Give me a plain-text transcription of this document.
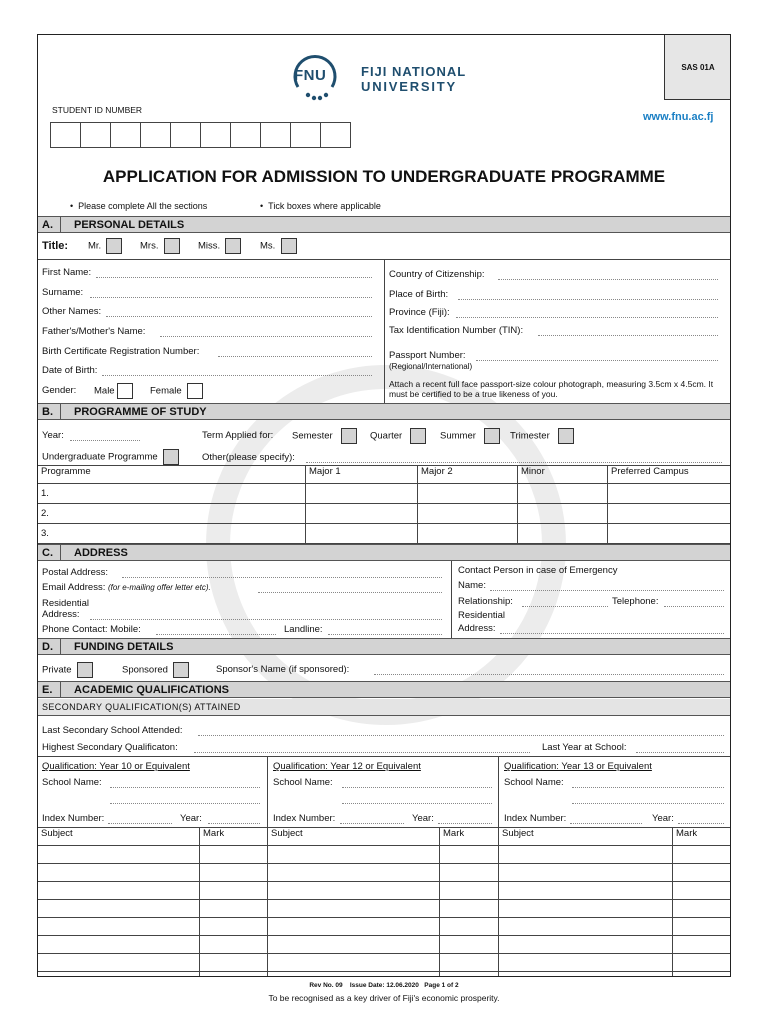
FNU	FIJI NATIONAL
UNIVERSITY
SAS 01A
www.fnu.ac.fj
STUDENT ID NUMBER

APPLICATION FOR ADMISSION TO UNDERGRADUATE PROGRAMME
•  Please complete All the sections	•  Tick boxes where applicable
A. PERSONAL DETAILS
Title: Mr.	Mrs.	Miss.	Ms.
First Name:
Surname:
Other Names:
Father's/Mother's Name:
Birth Certificate Registration Number:
Date of Birth:
Gender: Male	Female
Country of Citizenship:
Place of Birth:
Province (Fiji):
Tax Identification Number (TIN):
Passport Number:
(Regional/International)
Attach a recent full face passport-size colour photograph, measuring 3.5cm x 4.5cm. It must be certified to be a true likeness of you.
B. PROGRAMME OF STUDY
Year:	Term Applied for: Semester	Quarter	Summer	Trimester
Undergraduate Programme	Other(please specify):
Programme	Major 1	Major 2	Minor	Preferred Campus
1.				
2.				
3.				
C. ADDRESS
Postal Address:
Email Address: (for e-mailing offer letter etc).
Residential
Address:
Phone Contact: Mobile:	Landline:
Contact Person in case of Emergency
Name:
Relationship:	Telephone:
Residential
Address:
D. FUNDING DETAILS
Private	Sponsored	Sponsor's Name (if sponsored):
E. ACADEMIC QUALIFICATIONS
SECONDARY QUALIFICATION(S) ATTAINED
Last Secondary School Attended:
Highest Secondary Qualificaton:	Last Year at School:
Qualification: Year 10 or Equivalent
School Name:
Index Number:	Year:
Qualification: Year 12 or Equivalent
School Name:
Index Number:	Year:
Qualification: Year 13 or Equivalent
School Name:
Index Number:	Year:
Subject	Mark	Subject	Mark	Subject	Mark

Rev No. 09 Issue Date: 12.06.2020 Page 1 of 2
To be recognised as a key driver of Fiji's economic prosperity.
